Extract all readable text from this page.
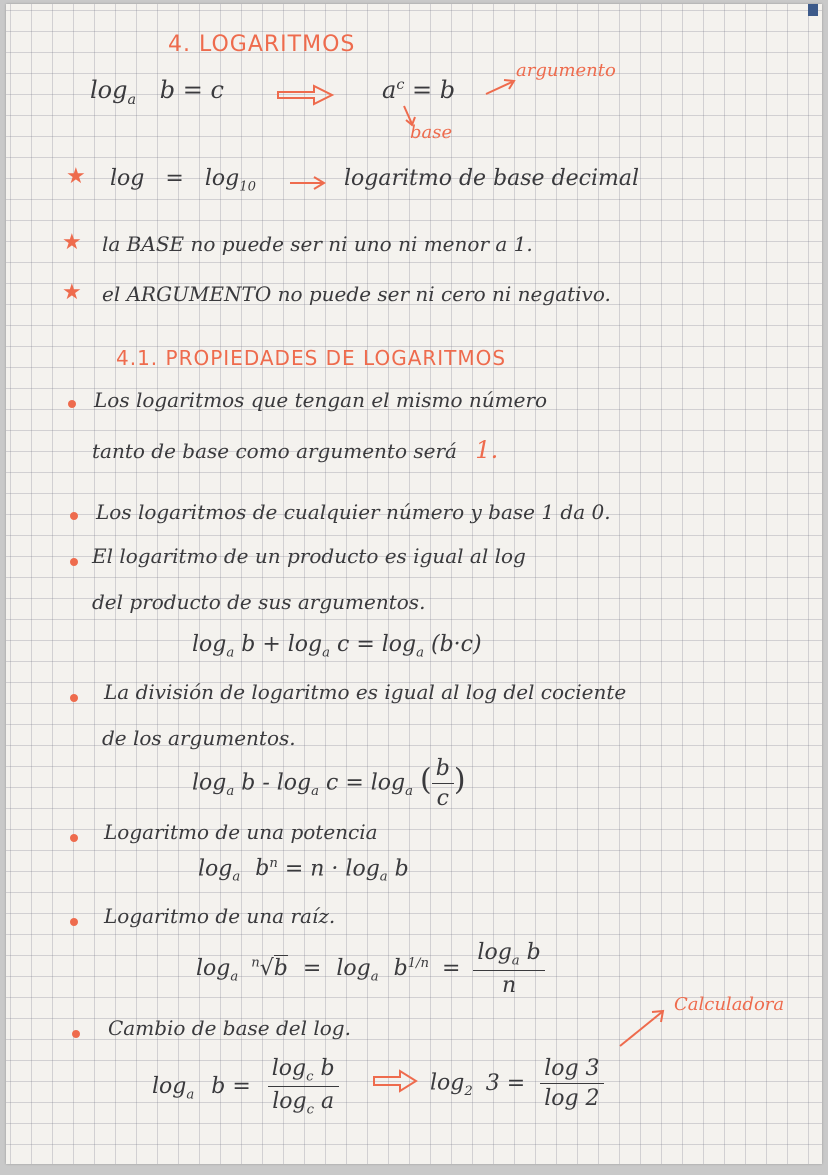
4. LOGARITMOS
$\log_a b = c$	$a^c = b$
argumento
base
★ $\log = \log_{10}$	logaritmo de base decimal
★ la BASE no puede ser ni uno ni menor a 1.
★ el ARGUMENTO no puede ser ni cero ni negativo.
4.1. PROPIEDADES DE LOGARITMOS
Los logaritmos que tengan el mismo número
tanto de base como argumento será 1.
Los logaritmos de cualquier número y base 1 da 0.
El logaritmo de un producto es igual al log
del producto de sus argumentos.
$\log_a b + \log_a c = \log_a (b\cdot c)$
La división de logaritmo es igual al log del cociente
de los argumentos.
$\log_a b - \log_a c = \log_a$ ( $\frac{b}{c}$ )
Logaritmo de una potencia
$\log_a b^n = n \cdot \log_a b$
Logaritmo de una raíz.
$\log_a ^n√b = \log_a b^{1/n} = \frac{\log_a b}{n}$
Cambio de base del log.
Calculadora
$\log_a b = \frac{\log_c b}{\log_c a}$	$\log_2 3 = \frac{\log 3}{\log 2}$
